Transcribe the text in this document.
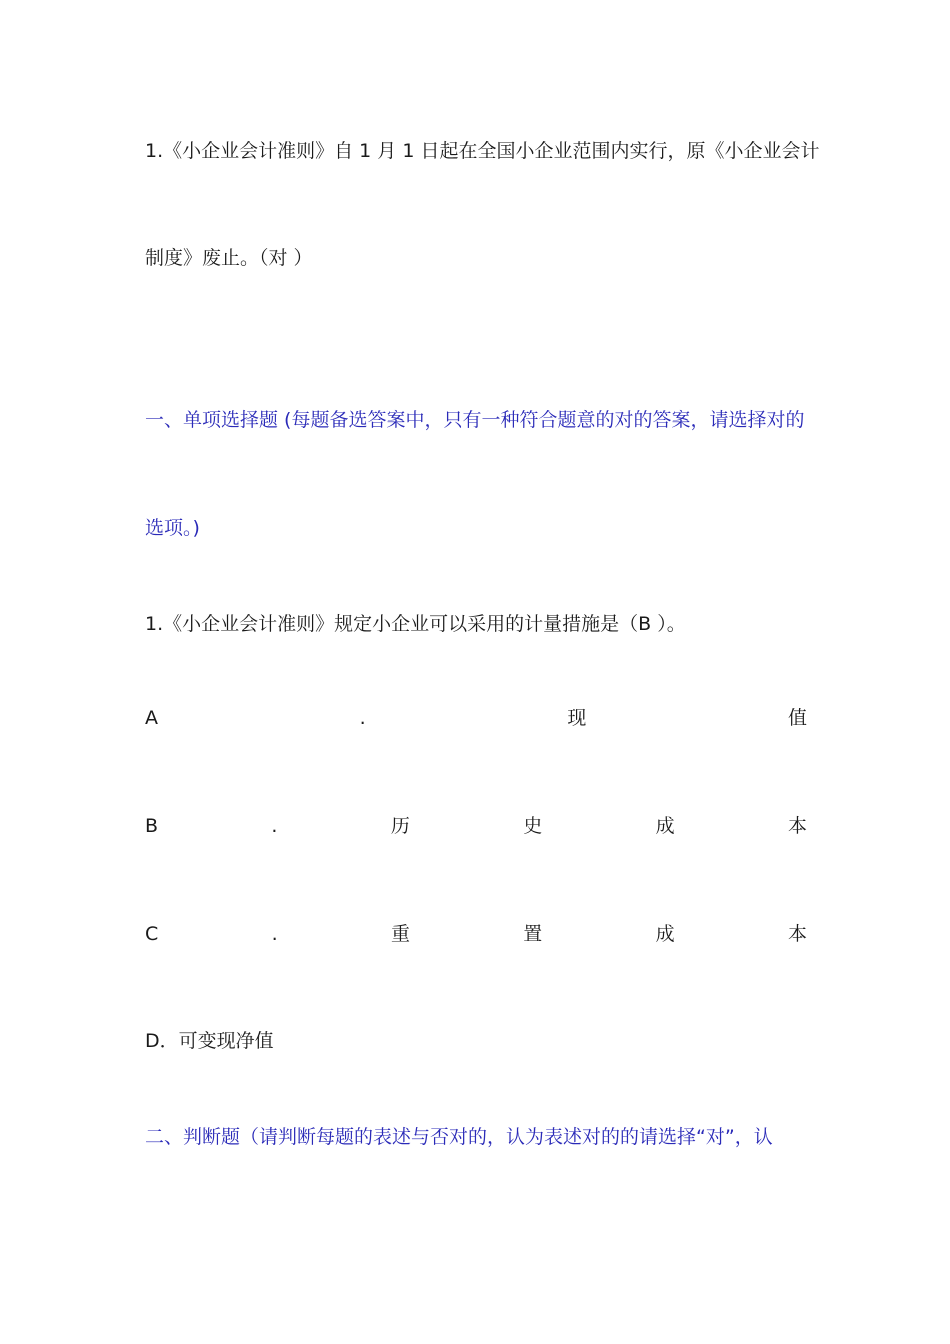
1.《小企业会计准则》自 1 月 1 日起在全国小企业范围内实行，原《小企业会计
制度》废止。（对 ）
一、单项选择题 (每题备选答案中，只有一种符合题意的对的答案，请选择对的
选项。)
1.《小企业会计准则》规定小企业可以采用的计量措施是（B ）。
A	.	现	值
B	.	历	史	成	本
C	.	重	置	成	本
D．可变现净值
二、判断题（请判断每题的表述与否对的，认为表述对的的请选择“对”，认
